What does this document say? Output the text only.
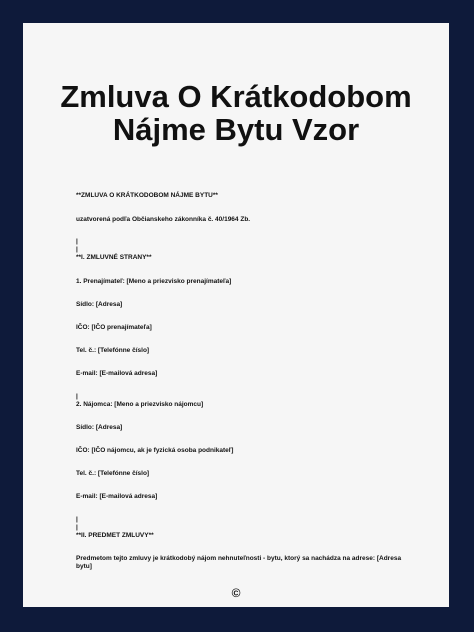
Zmluva O Krátkodobom
Nájme Bytu Vzor
**ZMLUVA O KRÁTKODOBOM NÁJME BYTU**
uzatvorená podľa Občianskeho zákonníka č. 40/1964 Zb.
|
|
**I. ZMLUVNÉ STRANY**
1. Prenajímateľ: [Meno a priezvisko prenajímateľa]
Sídlo: [Adresa]
IČO: [IČO prenajímateľa]
Tel. č.: [Telefónne číslo]
E-mail: [E-mailová adresa]
|
2. Nájomca: [Meno a priezvisko nájomcu]
Sídlo: [Adresa]
IČO: [IČO nájomcu, ak je fyzická osoba podnikateľ]
Tel. č.: [Telefónne číslo]
E-mail: [E-mailová adresa]
|
|
**II. PREDMET ZMLUVY**
Predmetom tejto zmluvy je krátkodobý nájom nehnuteľnosti - bytu, ktorý sa nachádza na adrese: [Adresa bytu]
©
